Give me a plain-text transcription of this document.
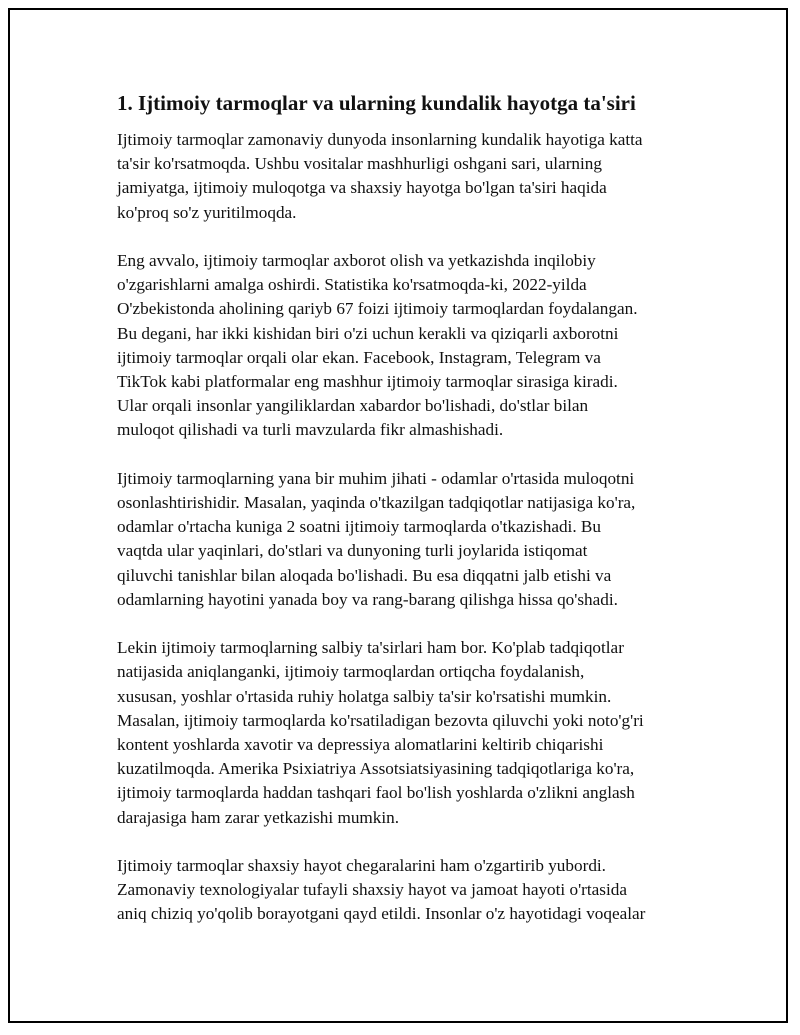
1. Ijtimoiy tarmoqlar va ularning kundalik hayotga ta'siri

Ijtimoiy tarmoqlar zamonaviy dunyoda insonlarning kundalik hayotiga katta
ta'sir ko'rsatmoqda. Ushbu vositalar mashhurligi oshgani sari, ularning
jamiyatga, ijtimoiy muloqotga va shaxsiy hayotga bo'lgan ta'siri haqida
ko'proq so'z yuritilmoqda.

Eng avvalo, ijtimoiy tarmoqlar axborot olish va yetkazishda inqilobiy
o'zgarishlarni amalga oshirdi. Statistika ko'rsatmoqda-ki, 2022-yilda
O'zbekistonda aholining qariyb 67 foizi ijtimoiy tarmoqlardan foydalangan.
Bu degani, har ikki kishidan biri o'zi uchun kerakli va qiziqarli axborotni
ijtimoiy tarmoqlar orqali olar ekan. Facebook, Instagram, Telegram va
TikTok kabi platformalar eng mashhur ijtimoiy tarmoqlar sirasiga kiradi.
Ular orqali insonlar yangiliklardan xabardor bo'lishadi, do'stlar bilan
muloqot qilishadi va turli mavzularda fikr almashishadi.

Ijtimoiy tarmoqlarning yana bir muhim jihati - odamlar o'rtasida muloqotni
osonlashtirishidir. Masalan, yaqinda o'tkazilgan tadqiqotlar natijasiga ko'ra,
odamlar o'rtacha kuniga 2 soatni ijtimoiy tarmoqlarda o'tkazishadi. Bu
vaqtda ular yaqinlari, do'stlari va dunyoning turli joylarida istiqomat
qiluvchi tanishlar bilan aloqada bo'lishadi. Bu esa diqqatni jalb etishi va
odamlarning hayotini yanada boy va rang-barang qilishga hissa qo'shadi.

Lekin ijtimoiy tarmoqlarning salbiy ta'sirlari ham bor. Ko'plab tadqiqotlar
natijasida aniqlanganki, ijtimoiy tarmoqlardan ortiqcha foydalanish,
xususan, yoshlar o'rtasida ruhiy holatga salbiy ta'sir ko'rsatishi mumkin.
Masalan, ijtimoiy tarmoqlarda ko'rsatiladigan bezovta qiluvchi yoki noto'g'ri
kontent yoshlarda xavotir va depressiya alomatlarini keltirib chiqarishi
kuzatilmoqda. Amerika Psixiatriya Assotsiatsiyasining tadqiqotlariga ko'ra,
ijtimoiy tarmoqlarda haddan tashqari faol bo'lish yoshlarda o'zlikni anglash
darajasiga ham zarar yetkazishi mumkin.

Ijtimoiy tarmoqlar shaxsiy hayot chegaralarini ham o'zgartirib yubordi.
Zamonaviy texnologiyalar tufayli shaxsiy hayot va jamoat hayoti o'rtasida
aniq chiziq yo'qolib borayotgani qayd etildi. Insonlar o'z hayotidagi voqealar
